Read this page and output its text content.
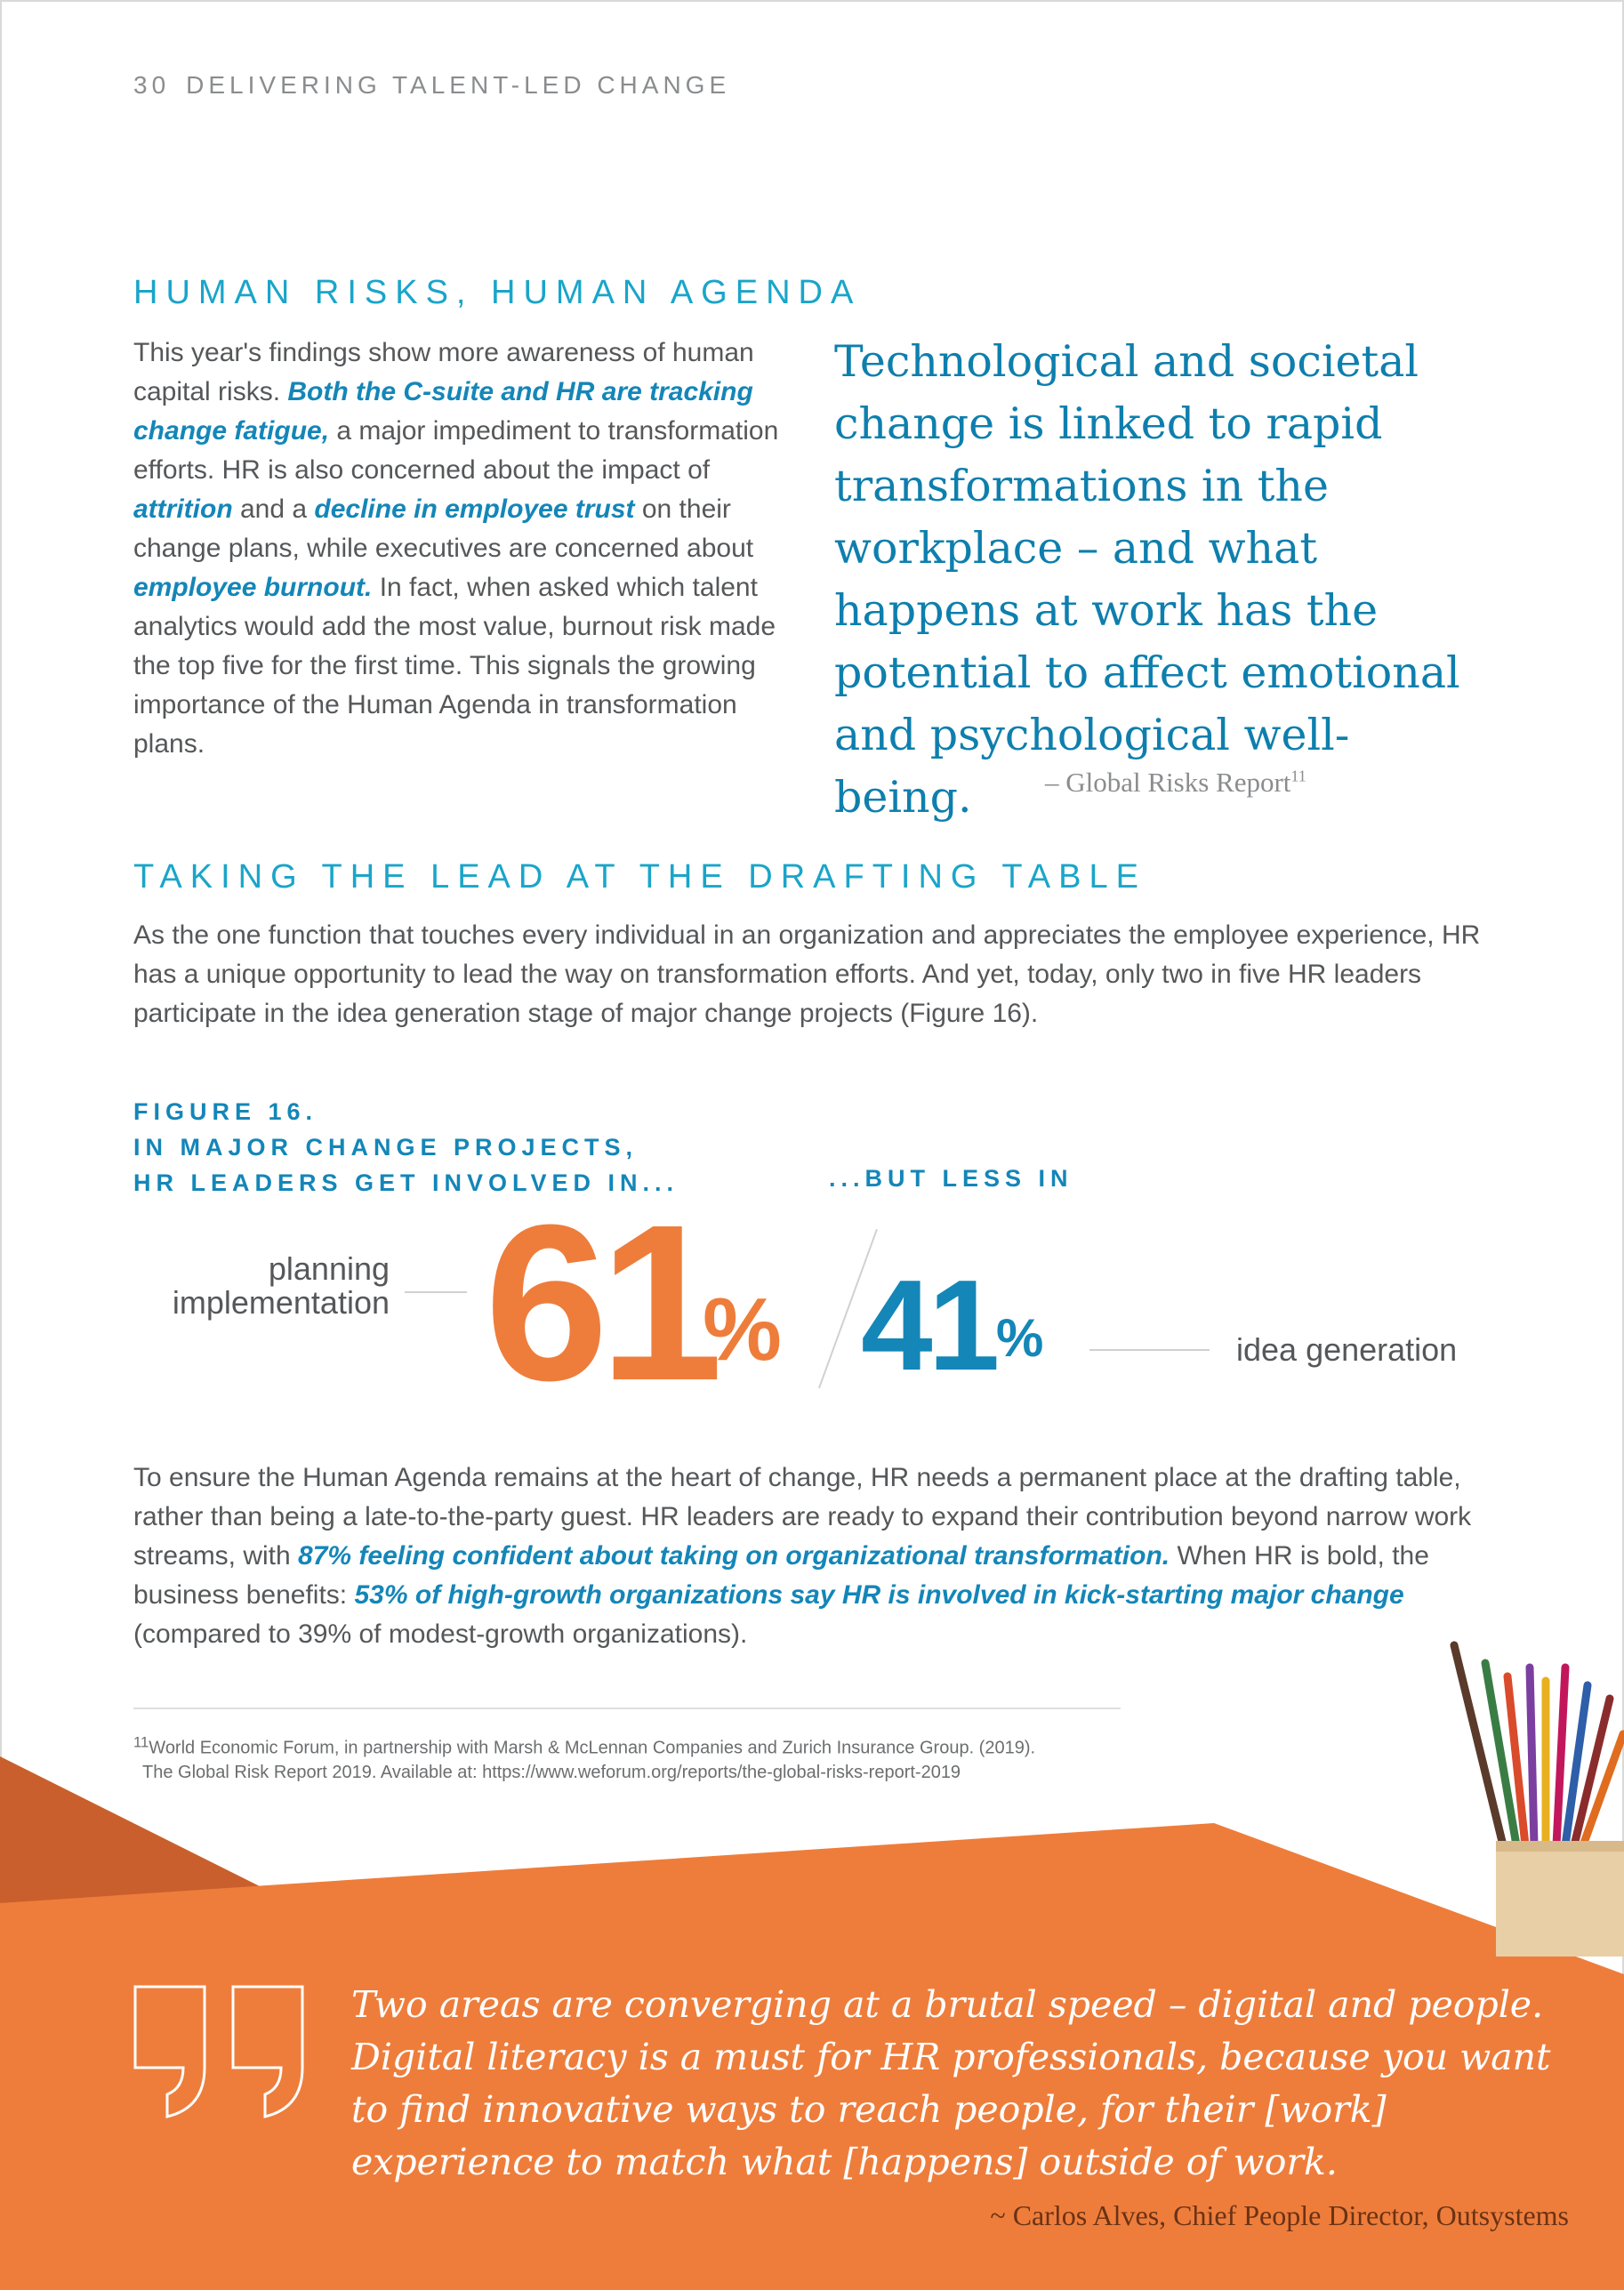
30 DELIVERING TALENT-LED CHANGE
HUMAN RISKS, HUMAN AGENDA

This year's findings show more awareness of human capital risks. Both the C-suite and HR are tracking change fatigue, a major impediment to transformation efforts. HR is also concerned about the impact of attrition and a decline in employee trust on their change plans, while executives are concerned about employee burnout. In fact, when asked which talent analytics would add the most value, burnout risk made the top five for the first time. This signals the growing importance of the Human Agenda in transformation plans.

Technological and societal change is linked to rapid transformations in the workplace – and what happens at work has the potential to affect emotional and psychological well-being.	– Global Risks Report$^{11}$
TAKING THE LEAD AT THE DRAFTING TABLE

As the one function that touches every individual in an organization and appreciates the employee experience, HR has a unique opportunity to lead the way on transformation efforts. And yet, today, only two in five HR leaders participate in the idea generation stage of major change projects (Figure 16).

FIGURE 16.
IN MAJOR CHANGE PROJECTS,
HR LEADERS GET INVOLVED IN...	...BUT LESS IN
planning
implementation 61
% 41 %	idea generation

To ensure the Human Agenda remains at the heart of change, HR needs a permanent place at the drafting table, rather than being a late-to-the-party guest. HR leaders are ready to expand their contribution beyond narrow work streams, with 87% feeling confident about taking on organizational transformation. When HR is bold, the business benefits: 53% of high-growth organizations say HR is involved in kick-starting major change (compared to 39% of modest-growth organizations).

$^{11}$World Economic Forum, in partnership with Marsh & McLennan Companies and Zurich Insurance Group. (2019).
The Global Risk Report 2019. Available at: https://www.weforum.org/reports/the-global-risks-report-2019
Two areas are converging at a brutal speed – digital and people. Digital literacy is a must for HR professionals, because you want to find innovative ways to reach people, for their [work] experience to match what [happens] outside of work.
~ Carlos Alves, Chief People Director, Outsystems
